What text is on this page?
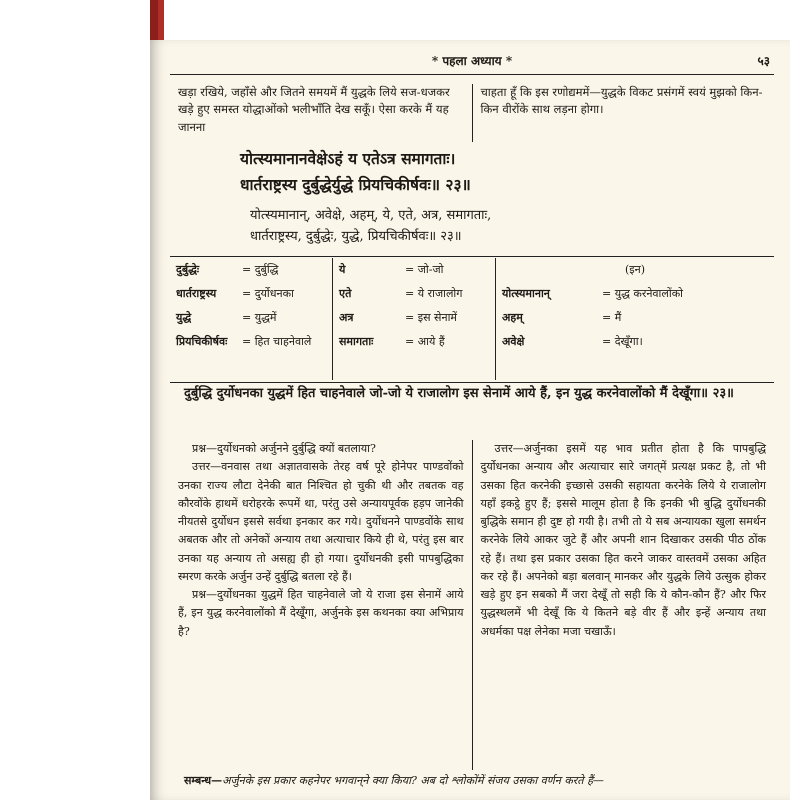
* पहला अध्याय *	५३
खड़ा रखिये, जहाँसे और जितने समयमें मैं युद्धके लिये सज-धजकर खड़े हुए समस्त योद्धाओंको भलीभाँति देख सकूँ। ऐसा करके मैं यह जानना
चाहता हूँ कि इस रणोद्यममें—युद्धके विकट प्रसंगमें स्वयं मुझको किन-किन वीरोंके साथ लड़ना होगा।
योत्स्यमानानवेक्षेऽहं य एतेऽत्र समागताः।
धार्तराष्ट्रस्य दुर्बुद्धेर्युद्धे प्रियचिकीर्षवः॥ २३॥
योत्स्यमानान्, अवेक्षे, अहम्, ये, एते, अत्र, समागताः,
धार्तराष्ट्रस्य, दुर्बुद्धेः, युद्धे, प्रियचिकीर्षवः॥ २३॥
दुर्बुद्धेः	= दुर्बुद्धि
धार्तराष्ट्रस्य	= दुर्योधनका
युद्धे	= युद्धमें
प्रियचिकीर्षवः	= हित चाहनेवाले
ये	= जो-जो
एते	= ये राजालोग
अत्र	= इस सेनामें
समागताः	= आये हैं
(इन)
योत्स्यमानान्	= युद्ध करनेवालोंको
अहम्	= मैं
अवेक्षे	= देखूँगा।
दुर्बुद्धि दुर्योधनका युद्धमें हित चाहनेवाले जो-जो ये राजालोग इस सेनामें आये हैं, इन युद्ध करनेवालोंको मैं देखूँगा॥ २३॥

प्रश्न—दुर्योधनको अर्जुनने दुर्बुद्धि क्यों बतलाया?

उत्तर—वनवास तथा अज्ञातवासके तेरह वर्ष पूरे होनेपर पाण्डवोंको उनका राज्य लौटा देनेकी बात निश्चित हो चुकी थी और तबतक वह कौरवोंके हाथमें धरोहरके रूपमें था, परंतु उसे अन्यायपूर्वक हड़प जानेकी नीयतसे दुर्योधन इससे सर्वथा इनकार कर गये। दुर्योधनने पाण्डवोंके साथ अबतक और तो अनेकों अन्याय तथा अत्याचार किये ही थे, परंतु इस बार उनका यह अन्याय तो असह्य ही हो गया। दुर्योधनकी इसी पापबुद्धिका स्मरण करके अर्जुन उन्हें दुर्बुद्धि बतला रहे हैं।

प्रश्न—दुर्योधनका युद्धमें हित चाहनेवाले जो ये राजा इस सेनामें आये हैं, इन युद्ध करनेवालोंको मैं देखूँगा, अर्जुनके इस कथनका क्या अभिप्राय है?

उत्तर—अर्जुनका इसमें यह भाव प्रतीत होता है कि पापबुद्धि दुर्योधनका अन्याय और अत्याचार सारे जगत्‌में प्रत्यक्ष प्रकट है, तो भी उसका हित करनेकी इच्छासे उसकी सहायता करनेके लिये ये राजालोग यहाँ इकट्ठे हुए हैं; इससे मालूम होता है कि इनकी भी बुद्धि दुर्योधनकी बुद्धिके समान ही दुष्ट हो गयी है। तभी तो ये सब अन्यायका खुला समर्थन करनेके लिये आकर जुटे हैं और अपनी शान दिखाकर उसकी पीठ ठोंक रहे हैं। तथा इस प्रकार उसका हित करने जाकर वास्तवमें उसका अहित कर रहे हैं। अपनेको बड़ा बलवान् मानकर और युद्धके लिये उत्सुक होकर खड़े हुए इन सबको मैं जरा देखूँ तो सही कि ये कौन-कौन हैं? और फिर युद्धस्थलमें भी देखूँ कि ये कितने बड़े वीर हैं और इन्हें अन्याय तथा अधर्मका पक्ष लेनेका मजा चखाऊँ।

सम्बन्ध—अर्जुनके इस प्रकार कहनेपर भगवान्‌ने क्या किया? अब दो श्लोकोंमें संजय उसका वर्णन करते हैं—
